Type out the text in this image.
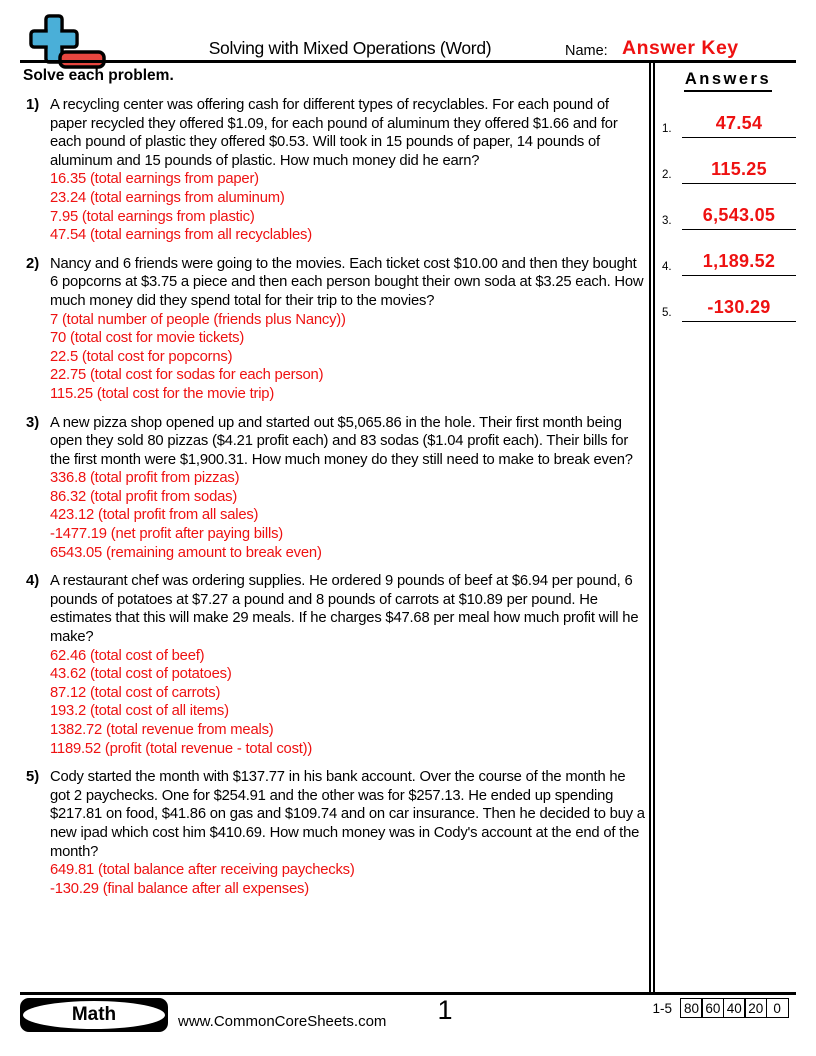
Solving with Mixed Operations (Word)	Name: Answer Key
Solve each problem.
1) A recycling center was offering cash for different types of recyclables. For each pound of paper recycled they offered $1.09, for each pound of aluminum they offered $1.66 and for each pound of plastic they offered $0.53. Will took in 15 pounds of paper, 14 pounds of aluminum and 15 pounds of plastic. How much money did he earn?
16.35 (total earnings from paper)
23.24 (total earnings from aluminum)
7.95 (total earnings from plastic)
47.54 (total earnings from all recyclables)
2) Nancy and 6 friends were going to the movies. Each ticket cost $10.00 and then they bought 6 popcorns at $3.75 a piece and then each person bought their own soda at $3.25 each. How much money did they spend total for their trip to the movies?
7 (total number of people (friends plus Nancy))
70 (total cost for movie tickets)
22.5 (total cost for popcorns)
22.75 (total cost for sodas for each person)
115.25 (total cost for the movie trip)
3) A new pizza shop opened up and started out $5,065.86 in the hole. Their first month being open they sold 80 pizzas ($4.21 profit each) and 83 sodas ($1.04 profit each). Their bills for the first month were $1,900.31. How much money do they still need to make to break even?
336.8 (total profit from pizzas)
86.32 (total profit from sodas)
423.12 (total profit from all sales)
-1477.19 (net profit after paying bills)
6543.05 (remaining amount to break even)
4) A restaurant chef was ordering supplies. He ordered 9 pounds of beef at $6.94 per pound, 6 pounds of potatoes at $7.27 a pound and 8 pounds of carrots at $10.89 per pound. He estimates that this will make 29 meals. If he charges $47.68 per meal how much profit will he make?
62.46 (total cost of beef)
43.62 (total cost of potatoes)
87.12 (total cost of carrots)
193.2 (total cost of all items)
1382.72 (total revenue from meals)
1189.52 (profit (total revenue - total cost))
5) Cody started the month with $137.77 in his bank account. Over the course of the month he got 2 paychecks. One for $254.91 and the other was for $257.13. He ended up spending $217.81 on food, $41.86 on gas and $109.74 and on car insurance. Then he decided to buy a new ipad which cost him $410.69. How much money was in Cody's account at the end of the month?
649.81 (total balance after receiving paychecks)
-130.29 (final balance after all expenses)
Answers
1.	47.54
2.	115.25
3.	6,543.05
4.	1,189.52
5.	-130.29
Math	www.CommonCoreSheets.com	1	1-5 80 60 40 20 0
